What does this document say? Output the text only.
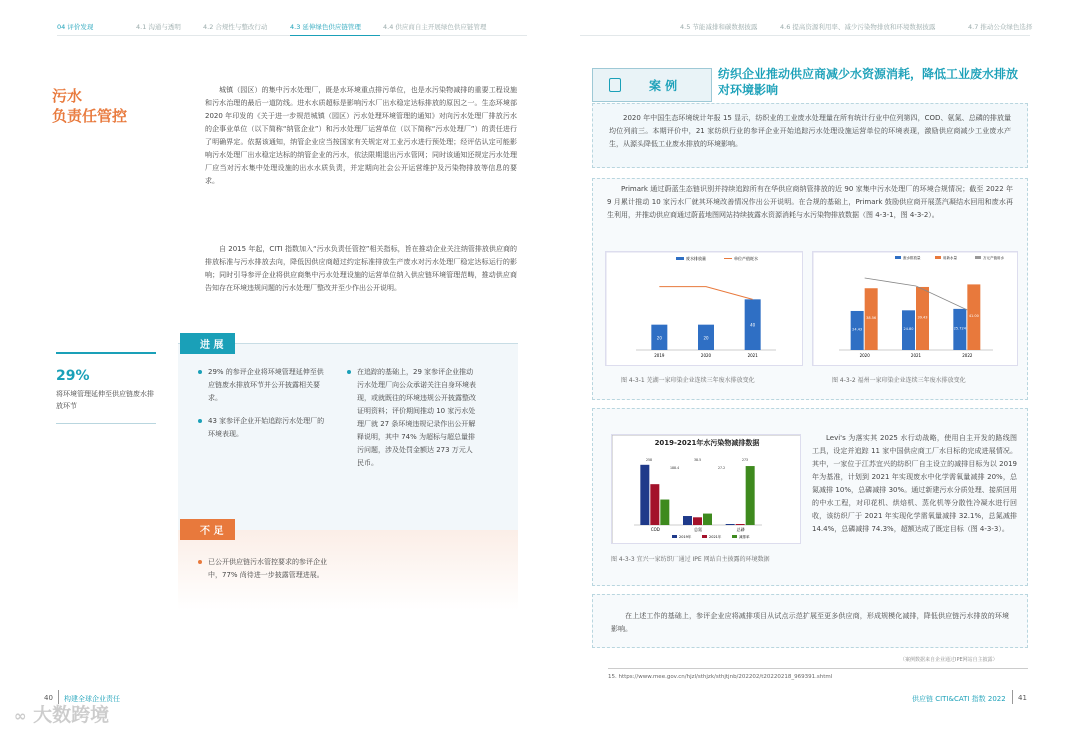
04 评价发现	4.1 沟通与透明	4.2 合规性与整改行动	4.3 延伸绿色供应链管理	4.4 供应商自主开展绿色供应链管理	4.5 节能减排和碳数据披露	4.6 提高资源利用率、减少污染物排放和环境数据披露	4.7 推动公众绿色选择
污水
负责任管控
城镇（园区）的集中污水处理厂，既是水环境重点排污单位，也是水污染物减排的重要工程设施和污水治理的最后一道防线。进水水质超标是影响污水厂出水稳定达标排放的原因之一。生态环境部 2020 年印发的《关于进一步规范城镇（园区）污水处理环境管理的通知》对向污水处理厂排放污水的企事业单位（以下简称“纳管企业”）和污水处理厂运营单位（以下简称“污水处理厂”）的责任进行了明确界定。依据该通知，纳管企业应当按国家有关规定对工业污水进行预处理；经评估认定可能影响污水处理厂出水稳定达标的纳管企业的污水，依法限期退出污水管网；同时该通知还规定污水处理厂应当对污水集中处理设施的出水水质负责，并定期向社会公开运营维护及污染物排放等信息的要求。
自 2015 年起，CITI 指数加入“污水负责任管控”相关指标，旨在推动企业关注纳管排放供应商的排放标准与污水排放去向，降低因供应商超过约定标准排放生产废水对污水处理厂稳定达标运行的影响；同时引导参评企业将供应商集中污水处理设施的运营单位纳入供应链环境管理范畴，推动供应商告知存在环境违规问题的污水处理厂整改并至少作出公开说明。
29%
将环境管理延伸至供应链废水排放环节
进 展
29% 的参评企业将环境管理延伸至供应链废水排放环节并公开披露相关要求。
43 家参评企业开始追踪污水处理厂的环境表现。
在追踪的基础上，29 家参评企业推动污水处理厂向公众承诺关注自身环境表现，或就既往的环境违规公开披露整改证明资料；评价期间推动 10 家污水处理厂就 27 条环境违规记录作出公开解释说明，其中 74% 为超标与超总量排污问题，涉及处罚金额达 273 万元人民币。
不 足
已公开供应链污水管控要求的参评企业中，77% 尚待进一步披露管理进展。
40 构建全球企业责任
∞ 大数跨境
案 例
纺织企业推动供应商减少水资源消耗，降低工业废水排放对环境影响
2020 年中国生态环境统计年报 15 显示，纺织业的工业废水处理量在所有统计行业中位列第四，COD、氨氮、总磷的排放量均位列前三。本期评价中，21 家纺织行业的参评企业开始追踪污水处理设施运营单位的环境表现，激励供应商减少工业废水产生，从源头降低工业废水排放的环境影响。
Primark 通过蔚蓝生态链识别并持续追踪所有在华供应商纳管排放的近 90 家集中污水处理厂的环境合规情况；截至 2022 年 9 月累计推动 10 家污水厂就其环境改善情况作出公开说明。在合规的基础上，Primark 鼓励供应商开展蒸汽凝结水回用和废水再生利用，并推动供应商通过蔚蓝地图网站持续披露水资源消耗与水污染物排放数据（图 4-3-1，图 4-3-2）。
废水排放量	单位产值耗水
20
2019
20
2020
40
2021
图 4-3-1 芜湖一家印染企业连续三年废水排放变化
废水排放量	用新水量	万元产值用水
24.43
38.56
2020
24.80
39.43
2021
25.724
41.00
2022
图 4-3-2 福州一家印染企业连续三年废水排放变化
2019-2021年水污染物减排数据
COD	总氮	总磷
258
188.4
38.5
27.2
273
2019年	2021年	减排率
图 4-3-3 宜兴一家纺织厂通过 IPE 网站自主披露的环境数据
Levi's 为落实其 2025 水行动战略，使用自主开发的路线图工具，设定并追踪 11 家中国供应商工厂水目标的完成进展情况。其中，一家位于江苏宜兴的纺织厂自主设立的减排目标为以 2019 年为基准，计划到 2021 年实现废水中化学需氧量减排 20%，总氮减排 10%，总磷减排 30%。通过新建污水分质处理、接质回用的中水工程，对印花机、烘焙机、蒸化机等分散性冷凝水进行回收，该纺织厂于 2021 年实现化学需氧量减排 32.1%，总氮减排 14.4%，总磷减排 74.3%，超额达成了既定目标（图 4-3-3）。
在上述工作的基础上，参评企业应将减排项目从试点示范扩展至更多供应商，形成规模化减排，降低供应链污水排放的环境影响。
（案例数据来自企业通过IPE网站自主披露）
15. https://www.mee.gov.cn/hjzl/sthjzk/sthjtjnb/202202/t20220218_969391.shtml
供应链 CITI&CATI 指数 2022 41
